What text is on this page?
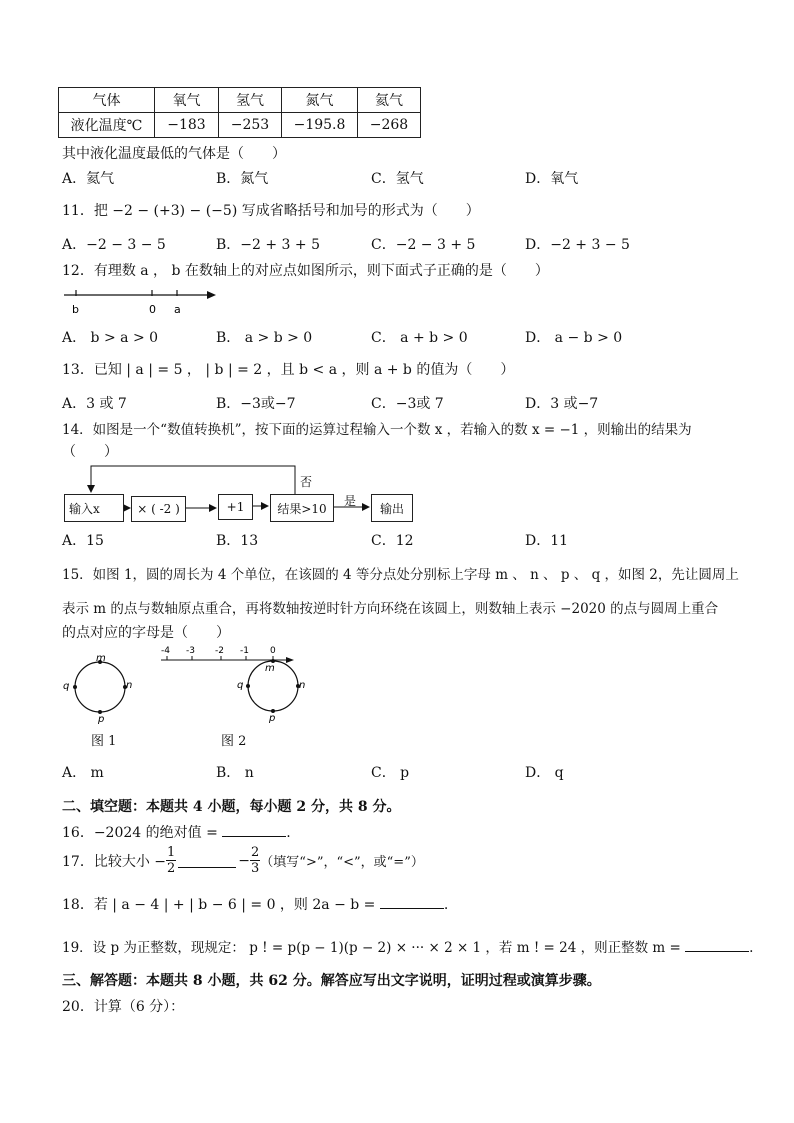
气体	氧气	氢气	氮气	氦气
液化温度℃	−183	−253	−195.8	−268
其中液化温度最低的气体是（　　）
A．氦气	B．氮气	C．氢气	D．氧气
11．把 −2 − (+3) − (−5) 写成省略括号和加号的形式为（　　）
A．−2 − 3 − 5	B．−2 + 3 + 5	C．−2 − 3 + 5	D．−2 + 3 − 5
12．有理数 a ， b 在数轴上的对应点如图所示，则下面式子正确的是（　　）
b	0 a
A． b > a > 0	B． a > b > 0	C． a + b > 0	D． a − b > 0
13．已知 | a | = 5 ， | b | = 2 ，且 b < a ，则 a + b 的值为（　　）
A．3 或 7	B．−3或−7	C．−3或 7	D．3 或−7
14．如图是一个“数值转换机”，按下面的运算过程输入一个数 x ，若输入的数 x = −1 ，则输出的结果为
（　　）
否
是
输入x	× ( -2 )	+1	结果>10	输出
A．15	B．13	C．12	D．11
15．如图 1，圆的周长为 4 个单位，在该圆的 4 等分点处分别标上字母 m 、 n 、 p 、 q ，如图 2，先让圆周上
表示 m 的点与数轴原点重合，再将数轴按逆时针方向环绕在该圆上，则数轴上表示 −2020 的点与圆周上重合
的点对应的字母是（　　）
m
n
p
q
图 1
-4 -3 -2 -1 0
m
n
p
q
图 2
A． m	B． n	C． p	D． q
二、填空题：本题共 4 小题，每小题 2 分，共 8 分。
16．−2024 的绝对值 =	.
17．比较大小 − $\frac{1}{2}$	− $\frac{2}{3}$ （填写“>”，“<”，或“=”）
18．若 | a − 4 | + | b − 6 | = 0 ，则 2a − b =	.
19．设 p 为正整数，现规定： p ! = p(p − 1)(p − 2) × ··· × 2 × 1 ，若 m ! = 24 ，则正整数 m =	.
三、解答题：本题共 8 小题，共 62 分。解答应写出文字说明，证明过程或演算步骤。
20．计算（6 分）：
